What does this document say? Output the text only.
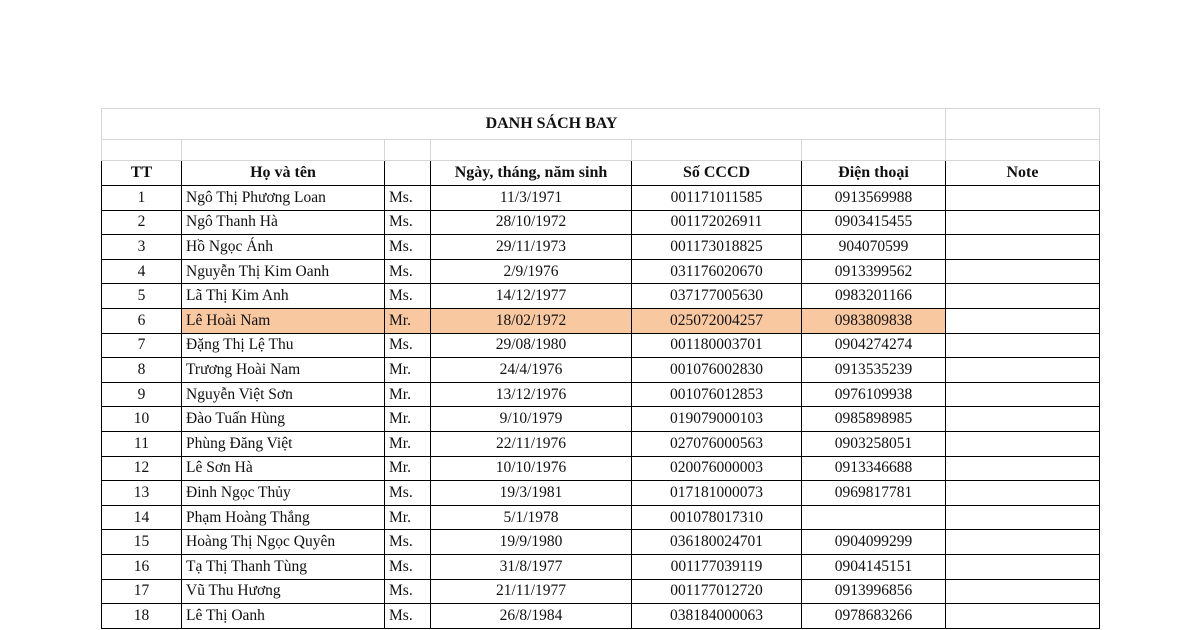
DANH SÁCH BAY						

TT	Họ và tên		Ngày, tháng, năm sinh	Số CCCD	Điện thoại	Note
1	Ngô Thị Phương Loan	Ms.	11/3/1971	001171011585	0913569988	
2	Ngô Thanh Hà	Ms.	28/10/1972	001172026911	0903415455	
3	Hồ Ngọc Ánh	Ms.	29/11/1973	001173018825	904070599	
4	Nguyễn Thị Kim Oanh	Ms.	2/9/1976	031176020670	0913399562	
5	Lã Thị Kim Anh	Ms.	14/12/1977	037177005630	0983201166	
6	Lê Hoài Nam	Mr.	18/02/1972	025072004257	0983809838	
7	Đặng Thị Lệ Thu	Ms.	29/08/1980	001180003701	0904274274	
8	Trương Hoài Nam	Mr.	24/4/1976	001076002830	0913535239	
9	Nguyễn Việt Sơn	Mr.	13/12/1976	001076012853	0976109938	
10	Đào Tuấn Hùng	Mr.	9/10/1979	019079000103	0985898985	
11	Phùng Đăng Việt	Mr.	22/11/1976	027076000563	0903258051	
12	Lê Sơn Hà	Mr.	10/10/1976	020076000003	0913346688	
13	Đinh Ngọc Thủy	Ms.	19/3/1981	017181000073	0969817781	
14	Phạm Hoàng Thắng	Mr.	5/1/1978	001078017310		
15	Hoàng Thị Ngọc Quyên	Ms.	19/9/1980	036180024701	0904099299	
16	Tạ Thị Thanh Tùng	Ms.	31/8/1977	001177039119	0904145151	
17	Vũ Thu Hương	Ms.	21/11/1977	001177012720	0913996856	
18	Lê Thị Oanh	Ms.	26/8/1984	038184000063	0978683266	
